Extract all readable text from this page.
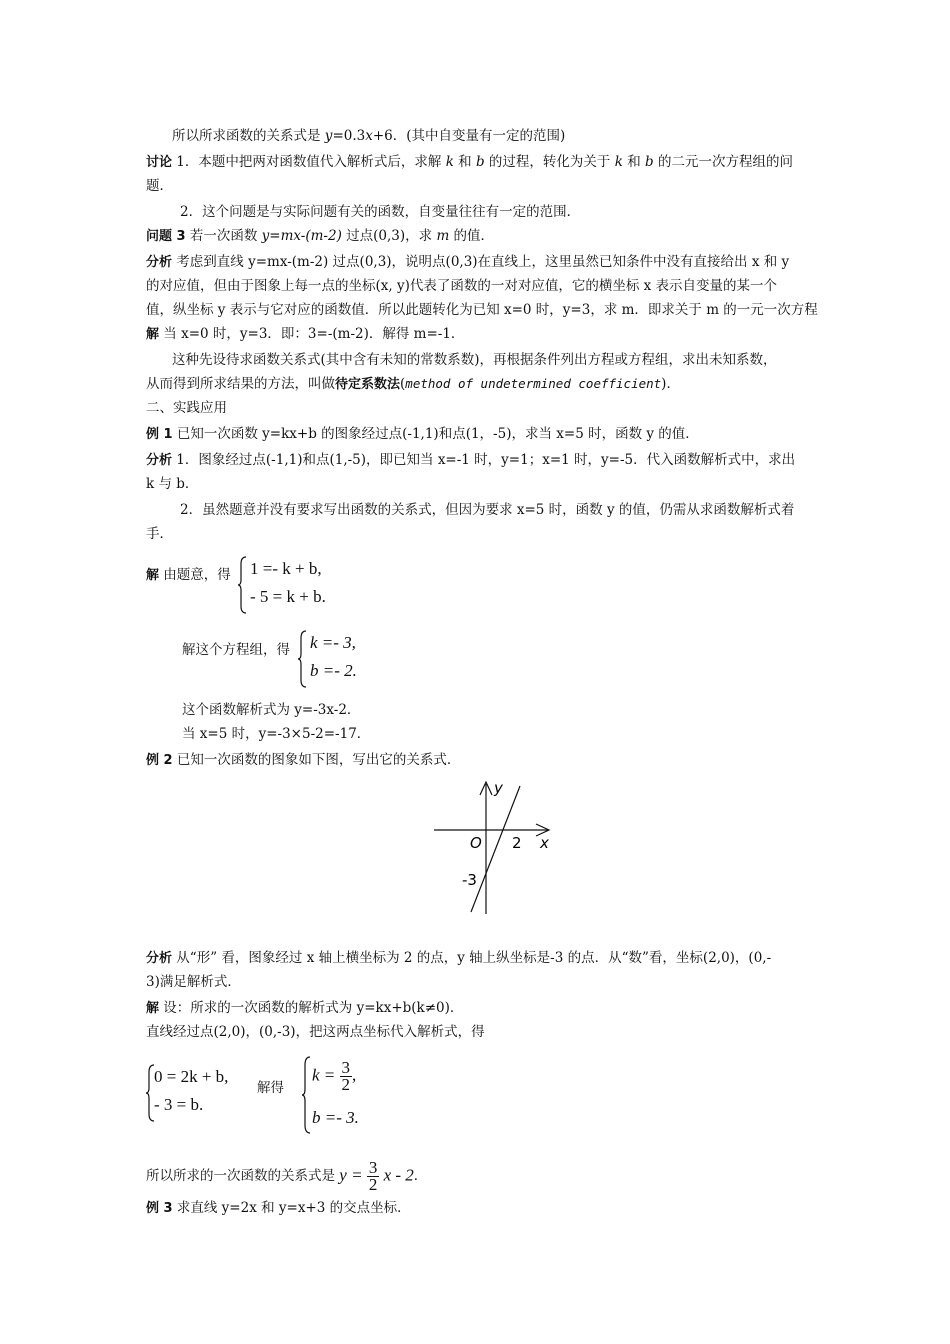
所以所求函数的关系式是 y=0.3x+6．(其中自变量有一定的范围)
讨论 1．本题中把两对函数值代入解析式后，求解 k 和 b 的过程，转化为关于 k 和 b 的二元一次方程组的问
题．
2．这个问题是与实际问题有关的函数，自变量往往有一定的范围．
问题 3 若一次函数 y=mx-(m-2) 过点(0,3)，求 m 的值．
分析 考虑到直线 y=mx-(m-2) 过点(0,3)，说明点(0,3)在直线上，这里虽然已知条件中没有直接给出 x 和 y
的对应值，但由于图象上每一点的坐标(x, y)代表了函数的一对对应值，它的横坐标 x 表示自变量的某一个
值，纵坐标 y 表示与它对应的函数值．所以此题转化为已知 x=0 时，y=3，求 m．即求关于 m 的一元一次方程
解 当 x=0 时，y=3．即：3=-(m-2)．解得 m=-1．
这种先设待求函数关系式(其中含有未知的常数系数)，再根据条件列出方程或方程组，求出未知系数，
从而得到所求结果的方法，叫做待定系数法(method of undetermined coefficient)．
二、实践应用
例 1 已知一次函数 y=kx+b 的图象经过点(-1,1)和点(1，-5)，求当 x=5 时，函数 y 的值．
分析 1．图象经过点(-1,1)和点(1,-5)，即已知当 x=-1 时，y=1；x=1 时，y=-5．代入函数解析式中，求出
k 与 b．
2．虽然题意并没有要求写出函数的关系式，但因为要求 x=5 时，函数 y 的值，仍需从求函数解析式着
手．
解 由题意，得	1 =- k + b,
- 5 = k + b.
解这个方程组，得	k =- 3,
b =- 2.
这个函数解析式为 y=-3x-2．
当 x=5 时，y=-3×5-2=-17．
例 2 已知一次函数的图象如下图，写出它的关系式．
y
x
O 2
-3
分析 从“形” 看，图象经过 x 轴上横坐标为 2 的点，y 轴上纵坐标是-3 的点．从“数”看，坐标(2,0)，(0,-
3)满足解析式．
解 设：所求的一次函数的解析式为 y=kx+b(k≠0)．
直线经过点(2,0)，(0,-3)，把这两点坐标代入解析式，得
0 = 2k + b,
- 3 = b.
解得
$k = \frac{3}{2}$ ,
b =- 3.
所以所求的一次函数的关系式是 $y = \frac{3}{2}$ x - 2．
例 3 求直线 y=2x 和 y=x+3 的交点坐标．
